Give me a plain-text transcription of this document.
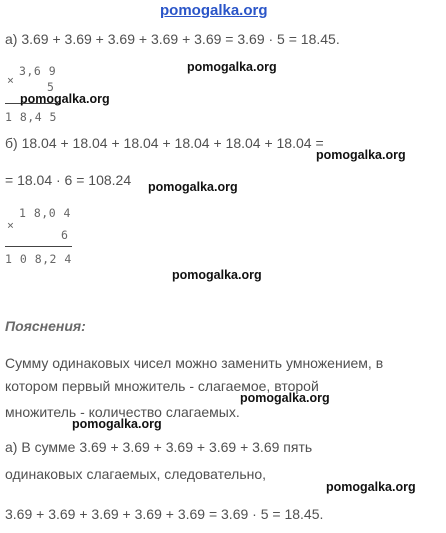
pomogalka.org
а) 3.69 + 3.69 + 3.69 + 3.69 + 3.69 = 3.69 · 5 = 18.45.
×
3,6 9
5
1 8,4 5
pomogalka.org
pomogalka.org
б) 18.04 + 18.04 + 18.04 + 18.04 + 18.04 + 18.04 =
pomogalka.org
= 18.04 · 6 = 108.24 pomogalka.org
×
1 8,0 4
6
1 0 8,2 4
pomogalka.org
Пояснения:
Сумму одинаковых чисел можно заменить умножением, в
котором первый множитель - слагаемое, второй
множитель - количество слагаемых.
pomogalka.org
pomogalka.org
а) В сумме 3.69 + 3.69 + 3.69 + 3.69 + 3.69 пять
одинаковых слагаемых, следовательно,
pomogalka.org
3.69 + 3.69 + 3.69 + 3.69 + 3.69 = 3.69 · 5 = 18.45.
